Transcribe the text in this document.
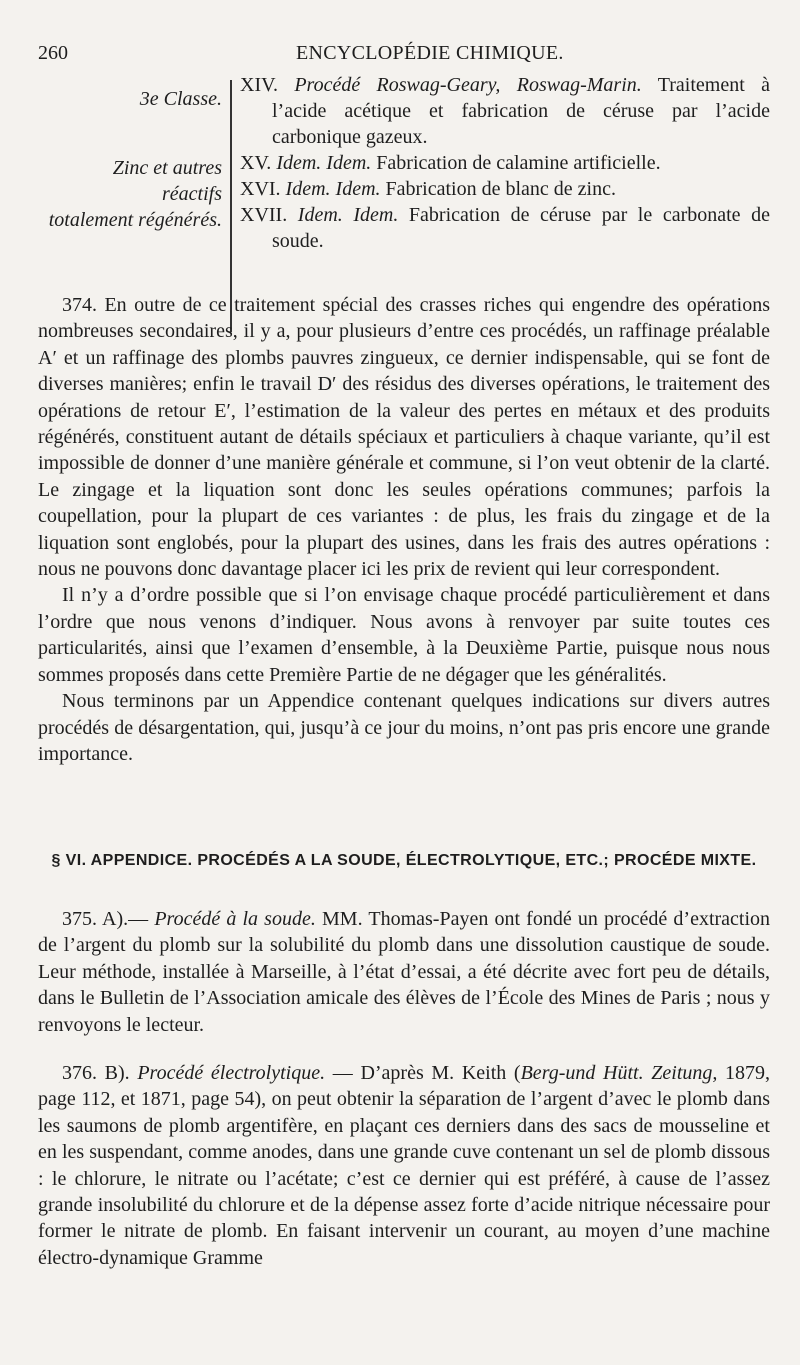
260	ENCYCLOPÉDIE CHIMIQUE.
3e Classe.
Zinc et autres
réactifs
totalement régénérés.
XIV. Procédé Roswag-Geary, Roswag-Marin. Traitement à l’acide acétique et fabrication de céruse par l’acide carbonique gazeux.
XV. Idem. Idem. Fabrication de calamine artificielle.
XVI. Idem. Idem. Fabrication de blanc de zinc.
XVII. Idem. Idem. Fabrication de céruse par le carbonate de soude.

374. En outre de ce traitement spécial des crasses riches qui engendre des opérations nombreuses secondaires, il y a, pour plusieurs d’entre ces procédés, un raffinage préalable A′ et un raffinage des plombs pauvres zingueux, ce dernier indispensable, qui se font de diverses manières; enfin le travail D′ des résidus des diverses opérations, le traitement des opérations de retour E′, l’estimation de la valeur des pertes en métaux et des produits régénérés, constituent autant de détails spéciaux et particuliers à chaque variante, qu’il est impossible de donner d’une manière générale et commune, si l’on veut obtenir de la clarté. Le zingage et la liquation sont donc les seules opérations communes; parfois la coupellation, pour la plupart de ces variantes : de plus, les frais du zingage et de la liquation sont englobés, pour la plupart des usines, dans les frais des autres opérations : nous ne pouvons donc davantage placer ici les prix de revient qui leur correspondent.

Il n’y a d’ordre possible que si l’on envisage chaque procédé particulièrement et dans l’ordre que nous venons d’indiquer. Nous avons à renvoyer par suite toutes ces particularités, ainsi que l’examen d’ensemble, à la Deuxième Partie, puisque nous nous sommes proposés dans cette Première Partie de ne dégager que les généralités.

Nous terminons par un Appendice contenant quelques indications sur divers autres procédés de désargentation, qui, jusqu’à ce jour du moins, n’ont pas pris encore une grande importance.

§ VI. APPENDICE. PROCÉDÉS A LA SOUDE, ÉLECTROLYTIQUE, ETC.; PROCÉDE MIXTE.

375. A).— Procédé à la soude. MM. Thomas-Payen ont fondé un procédé d’extraction de l’argent du plomb sur la solubilité du plomb dans une dissolution caustique de soude. Leur méthode, installée à Marseille, à l’état d’essai, a été décrite avec fort peu de détails, dans le Bulletin de l’Association amicale des élèves de l’École des Mines de Paris ; nous y renvoyons le lecteur.

376. B). Procédé électrolytique. — D’après M. Keith (Berg-und Hütt. Zeitung, 1879, page 112, et 1871, page 54), on peut obtenir la séparation de l’argent d’avec le plomb dans les saumons de plomb argentifère, en plaçant ces derniers dans des sacs de mousseline et en les suspendant, comme anodes, dans une grande cuve contenant un sel de plomb dissous : le chlorure, le nitrate ou l’acétate; c’est ce dernier qui est préféré, à cause de l’assez grande insolubilité du chlorure et de la dépense assez forte d’acide nitrique nécessaire pour former le nitrate de plomb. En faisant intervenir un courant, au moyen d’une machine électro-dynamique Gramme
